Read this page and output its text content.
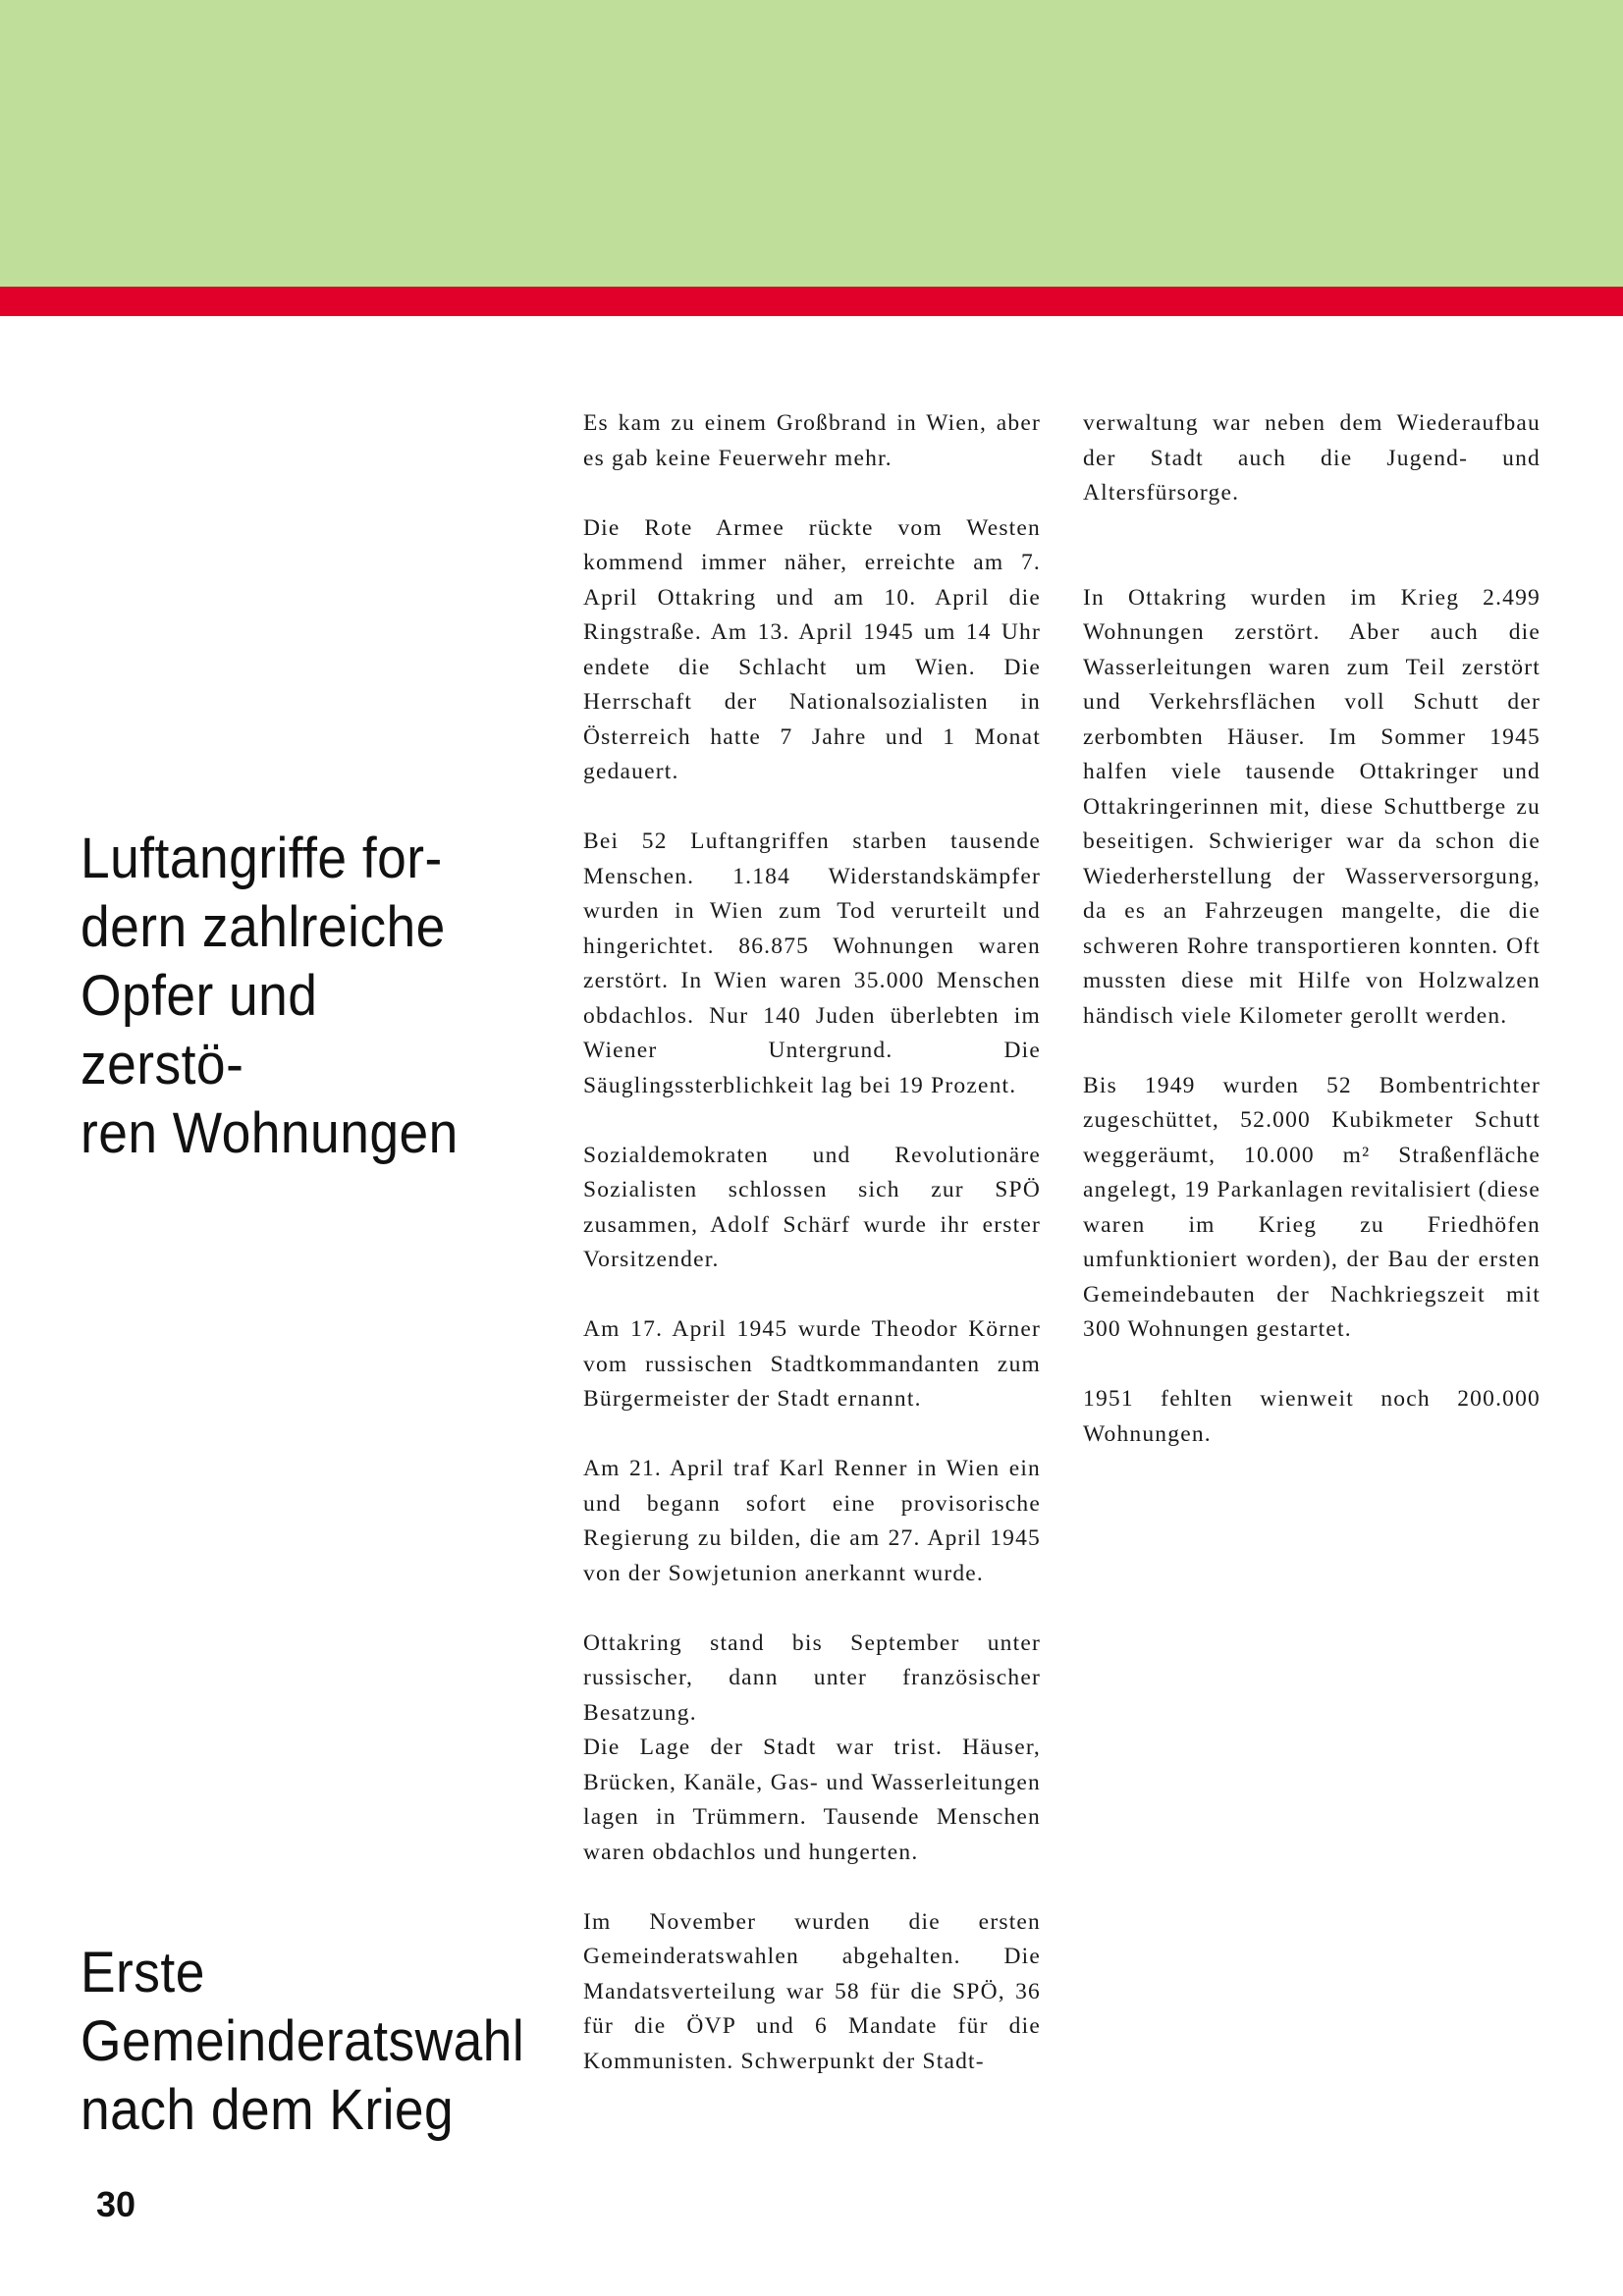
Luftangriffe for-
dern zahlreiche
Opfer und zerstö-
ren Wohnungen
Erste
Gemeinderatswahl
nach dem Krieg
30

Es kam zu einem Großbrand in Wien, aber es gab keine Feuerwehr mehr.

Die Rote Armee rückte vom Westen kommend immer näher, erreichte am 7. April Ottakring und am 10. April die Ringstraße. Am 13. April 1945 um 14 Uhr endete die Schlacht um Wien. Die Herrschaft der Nationalsozialisten in Österreich hatte 7 Jahre und 1 Monat gedauert.

Bei 52 Luftangriffen starben tausende Menschen. 1.184 Widerstandskämpfer wurden in Wien zum Tod verurteilt und hingerichtet. 86.875 Wohnungen waren zerstört. In Wien waren 35.000 Menschen obdachlos. Nur 140 Juden überlebten im Wiener Untergrund. Die Säuglingssterblichkeit lag bei 19 Prozent.

Sozialdemokraten und Revolutionäre Sozialisten schlossen sich zur SPÖ zusammen, Adolf Schärf wurde ihr erster Vorsitzender.

Am 17. April 1945 wurde Theodor Körner vom russischen Stadtkommandanten zum Bürgermeister der Stadt ernannt.

Am 21. April traf Karl Renner in Wien ein und begann sofort eine provisorische Regierung zu bilden, die am 27. April 1945 von der Sowjetunion anerkannt wurde.

Ottakring stand bis September unter russischer, dann unter französischer Besatzung.

Die Lage der Stadt war trist. Häuser, Brücken, Kanäle, Gas- und Wasserleitungen lagen in Trümmern. Tausende Menschen waren obdachlos und hungerten.

Im November wurden die ersten Gemeinderatswahlen abgehalten. Die Mandatsverteilung war 58 für die SPÖ, 36 für die ÖVP und 6 Mandate für die Kommunisten. Schwerpunkt der Stadt-

verwaltung war neben dem Wiederaufbau der Stadt auch die Jugend- und Altersfürsorge.

In Ottakring wurden im Krieg 2.499 Wohnungen zerstört. Aber auch die Wasserleitungen waren zum Teil zerstört und Verkehrsflächen voll Schutt der zerbombten Häuser. Im Sommer 1945 halfen viele tausende Ottakringer und Ottakringerinnen mit, diese Schuttberge zu beseitigen. Schwieriger war da schon die Wiederherstellung der Wasserversorgung, da es an Fahrzeugen mangelte, die die schweren Rohre transportieren konnten. Oft mussten diese mit Hilfe von Holzwalzen händisch viele Kilometer gerollt werden.

Bis 1949 wurden 52 Bombentrichter zugeschüttet, 52.000 Kubikmeter Schutt weggeräumt, 10.000 m² Straßenfläche angelegt, 19 Parkanlagen revitalisiert (diese waren im Krieg zu Friedhöfen umfunktioniert worden), der Bau der ersten Gemeindebauten der Nachkriegszeit mit 300 Wohnungen gestartet.

1951 fehlten wienweit noch 200.000 Wohnungen.
